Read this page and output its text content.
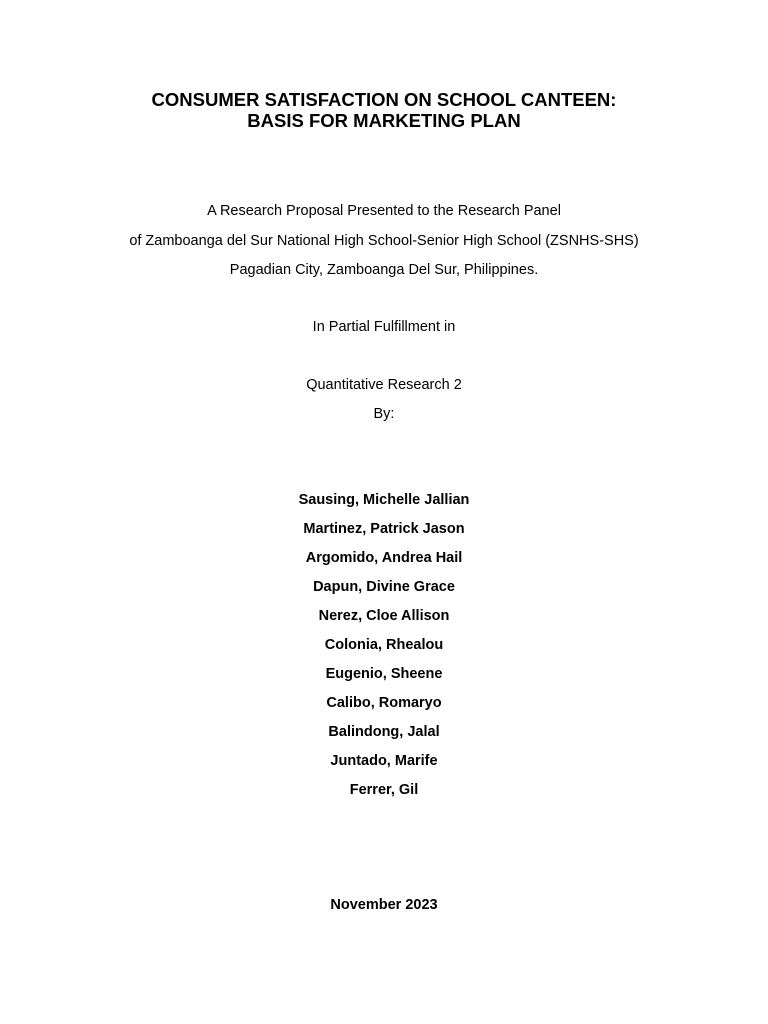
CONSUMER SATISFACTION ON SCHOOL CANTEEN:
BASIS FOR MARKETING PLAN
A Research Proposal Presented to the Research Panel
of Zamboanga del Sur National High School-Senior High School (ZSNHS-SHS)
Pagadian City, Zamboanga Del Sur, Philippines.
In Partial Fulfillment in
Quantitative Research 2
By:
Sausing, Michelle Jallian
Martinez, Patrick Jason
Argomido, Andrea Hail
Dapun, Divine Grace
Nerez, Cloe Allison
Colonia, Rhealou
Eugenio, Sheene
Calibo, Romaryo
Balindong, Jalal
Juntado, Marife
Ferrer, Gil
November 2023
